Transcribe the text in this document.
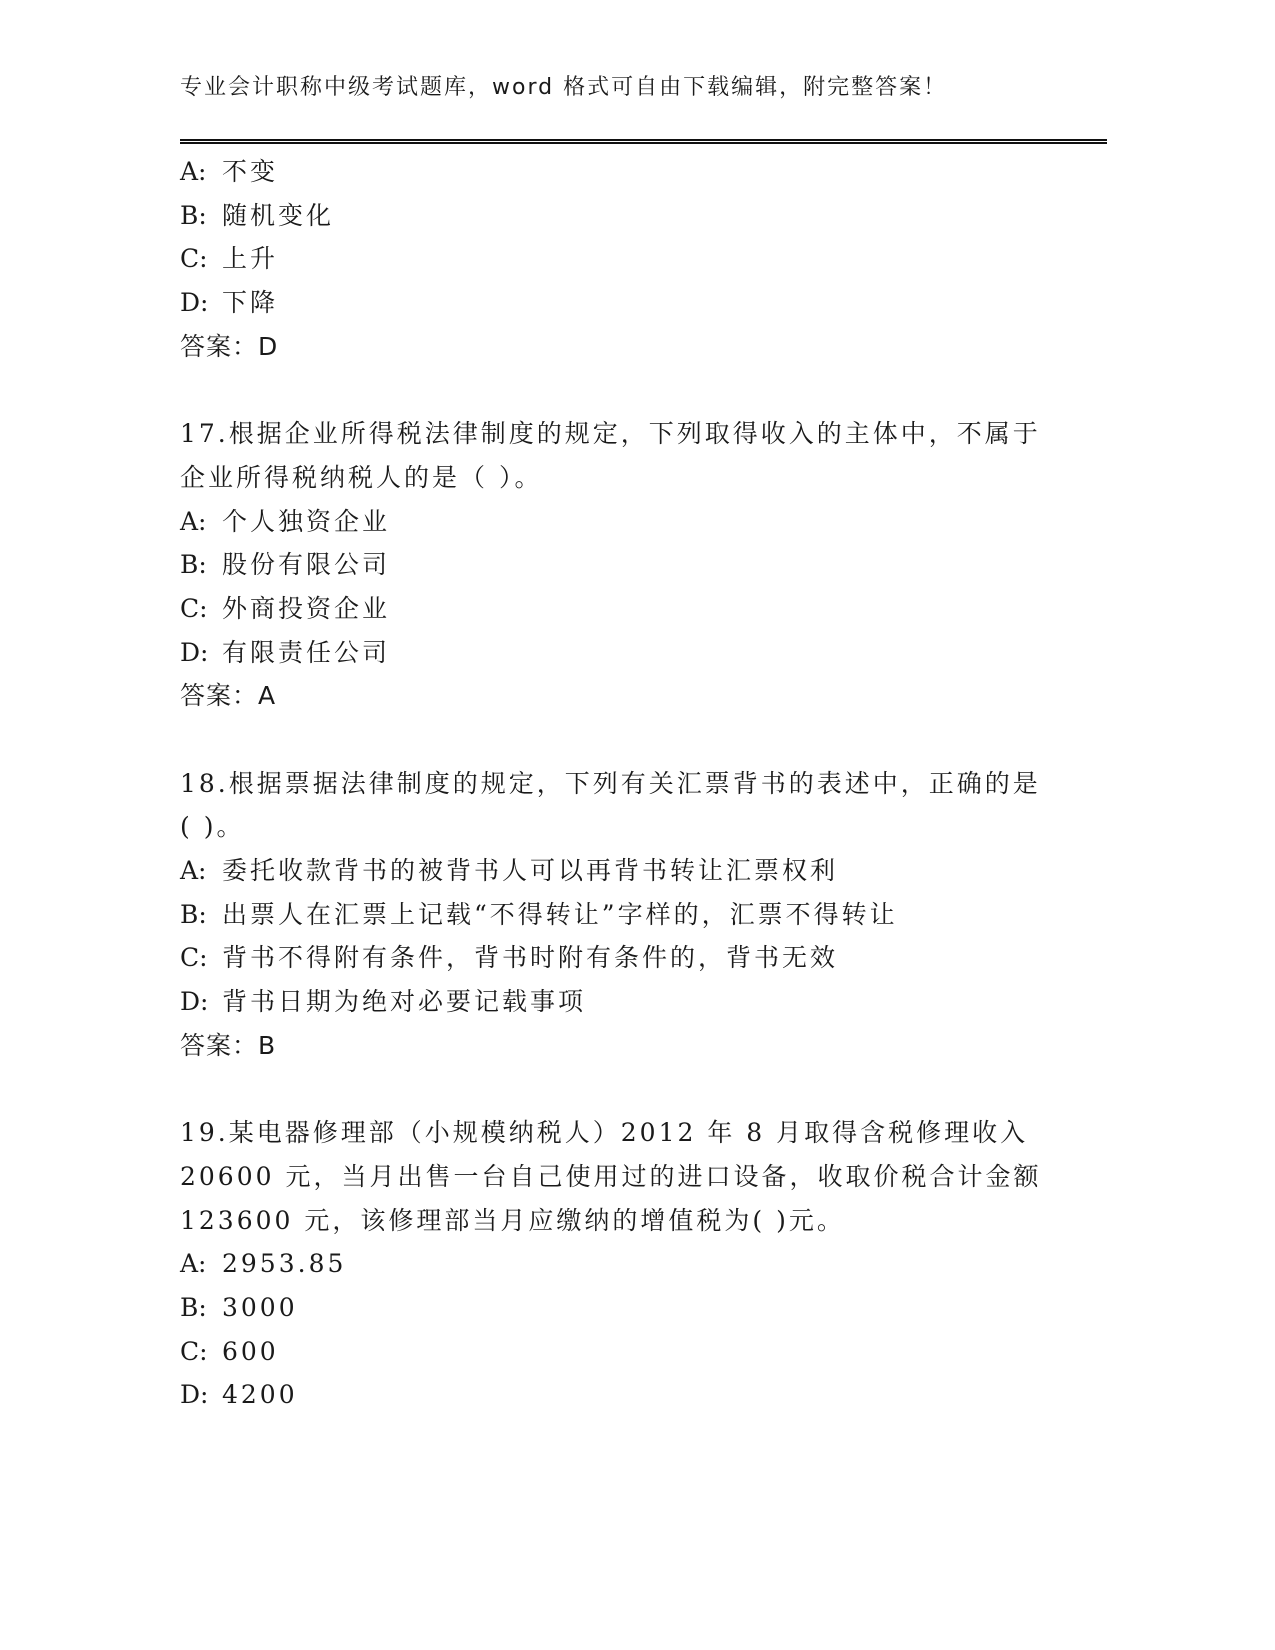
专业会计职称中级考试题库，word 格式可自由下载编辑，附完整答案！
A: 不变
B: 随机变化
C: 上升
D: 下降
答案：D
17.根据企业所得税法律制度的规定，下列取得收入的主体中，不属于
企业所得税纳税人的是（ ）。
A: 个人独资企业
B: 股份有限公司
C: 外商投资企业
D: 有限责任公司
答案：A
18.根据票据法律制度的规定，下列有关汇票背书的表述中，正确的是
( )。
A: 委托收款背书的被背书人可以再背书转让汇票权利
B: 出票人在汇票上记载“不得转让”字样的，汇票不得转让
C: 背书不得附有条件，背书时附有条件的，背书无效
D: 背书日期为绝对必要记载事项
答案：B
19.某电器修理部（小规模纳税人）2012 年 8 月取得含税修理收入
20600 元，当月出售一台自己使用过的进口设备，收取价税合计金额
123600 元，该修理部当月应缴纳的增值税为( )元。
A: 2953.85
B: 3000
C: 600
D: 4200
